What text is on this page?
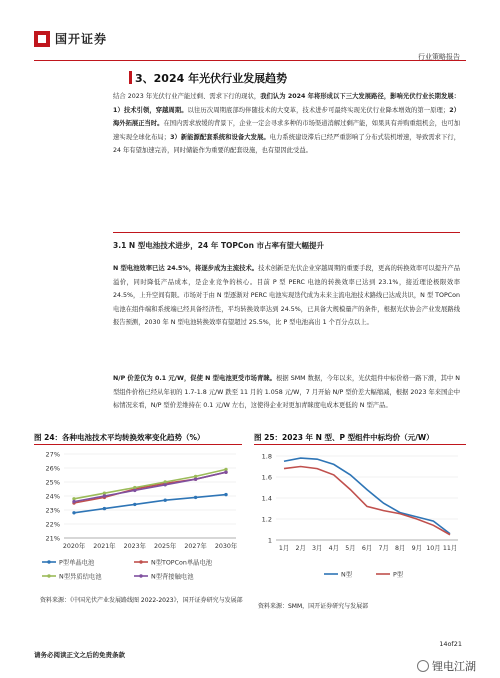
国开证券
行业策略报告
3、2024 年光伏行业发展趋势
结合 2023 年光伏行业产能过剩、需求下行的现状，我们认为 2024 年将形成以下三大发展路径，影响光伏行业长期发展：1）技术引领，穿越周期。以往历次周期底部均伴随技术的大变革，技术进步可最终实现光伏行业降本增效的第一原理；2）海外拓展正当时。在国内需求放缓的背景下，企业一定会寻求多种的市场渠道消解过剩产能，如果具有并购重组机会，也可加速实现全球化布局；3）新能源配套系统和设备大发展。电力系统建设滞后已经严重影响了分布式装机增速，导致需求下行，24 年有望加速完善，同时储能作为重要的配套设施，也有望因此受益。
3.1 N 型电池技术进步，24 年 TOPCon 市占率有望大幅提升
N 型电池效率已达 24.5%，将逐步成为主流技术。技术创新是光伏企业穿越周期的重要手段，更高的转换效率可以提升产品溢价，同时降低产品成本，是企业竞争的核心。目前 P 型 PERC 电池的转换效率已达到 23.1%，接近理论极限效率 24.5%，上升空间有限。市场对于由 N 型逐渐对 PERC 电池实现迭代成为未来主流电池技术路线已达成共识，N 型 TOPCon 电池在组件端和系统端已经具备经济性，平均转换效率达到 24.5%，已具备大规模量产的条件，根据光伏协会产业发展路线报告预测，2030 年 N 型电池转换效率有望超过 25.5%，比 P 型电池高出 1 个百分点以上。
N/P 价差仅为 0.1 元/W，促使 N 型电池更受市场青睐。根据 SMM 数据，今年以来，光伏组件中标价格一路下滑，其中 N 型组件价格已经从年初的 1.7-1.8 元/W 跌至 11 月的 1.058 元/W，7 月开始 N/P 型价差大幅缩减，根据 2023 年来国企中标情况来看，N/P 型价差维持在 0.1 元/W 左右，这使得企业对更加青睐度电成本更低的 N 型产品。
图 24：各种电池技术平均转换效率变化趋势（%）	图 25：2023 年 N 型、P 型组件中标均价（元/W）
21%
22%
23%
24%
25%
26%
27%
2020年 2021年 2023年 2025年 2027年 2030年
P型单晶电池	N型TOPCon单晶电池
N型异质结电池	N型背接触电池
1
1.2
1.4
1.6
1.8
1月 2月 3月 4月 5月 6月 7月 8月 9月 10月 11月
N型	P型
资料来源：《中国光伏产业发展路线图 2022-2023》，国开证券研究与发展部
资料来源：SMM，国开证券研究与发展部
14of21
请务必阅读正文之后的免责条款
锂电江湖
